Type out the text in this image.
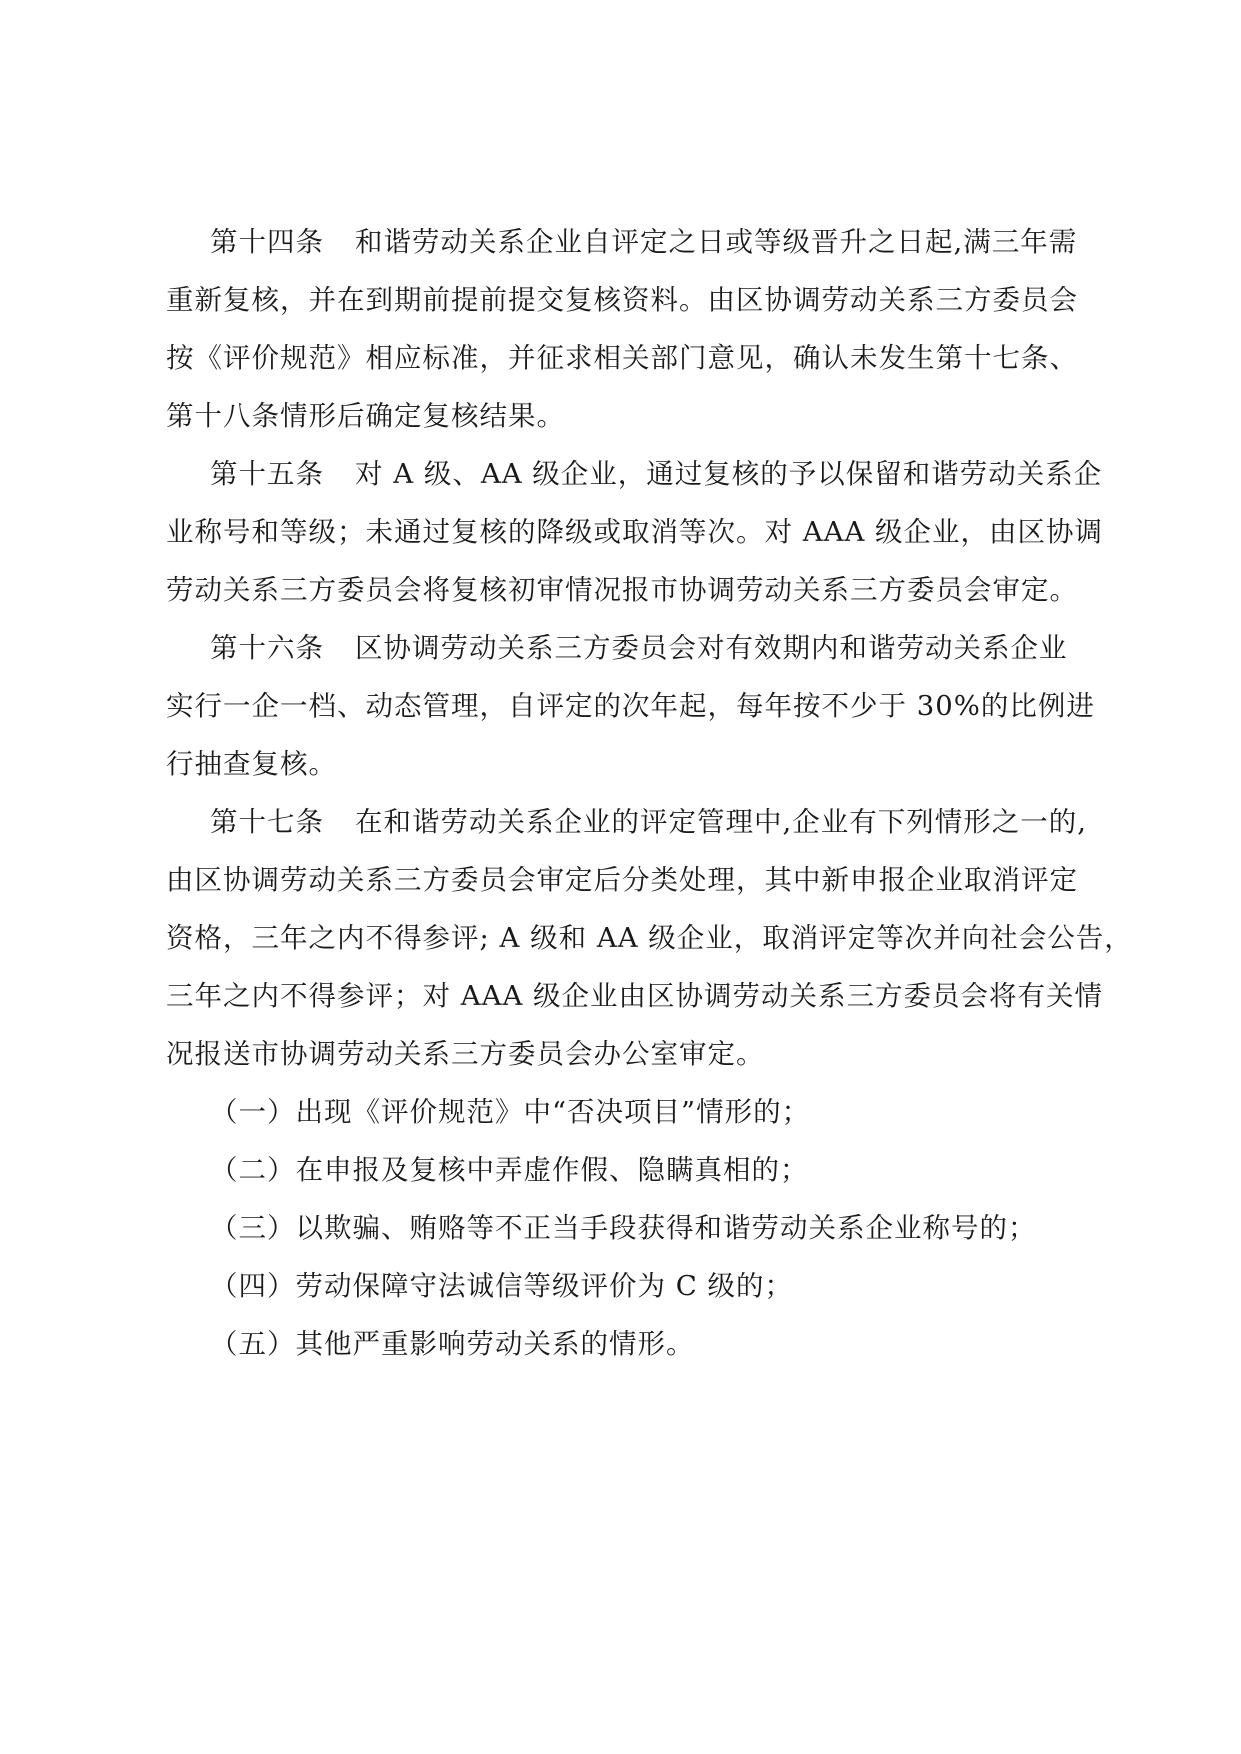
第十四条 和谐劳动关系企业自评定之日或等级晋升之日起,满三年需
重新复核，并在到期前提前提交复核资料。由区协调劳动关系三方委员会
按《评价规范》相应标准，并征求相关部门意见，确认未发生第十七条、
第十八条情形后确定复核结果。
第十五条 对 A 级、AA 级企业，通过复核的予以保留和谐劳动关系企
业称号和等级；未通过复核的降级或取消等次。对 AAA 级企业，由区协调
劳动关系三方委员会将复核初审情况报市协调劳动关系三方委员会审定。
第十六条 区协调劳动关系三方委员会对有效期内和谐劳动关系企业
实行一企一档、动态管理，自评定的次年起，每年按不少于 30%的比例进
行抽查复核。
第十七条 在和谐劳动关系企业的评定管理中,企业有下列情形之一的,
由区协调劳动关系三方委员会审定后分类处理，其中新申报企业取消评定
资格，三年之内不得参评; A 级和 AA 级企业，取消评定等次并向社会公告，
三年之内不得参评；对 AAA 级企业由区协调劳动关系三方委员会将有关情
况报送市协调劳动关系三方委员会办公室审定。
（一）出现《评价规范》中“否决项目”情形的；
（二）在申报及复核中弄虚作假、隐瞒真相的；
（三）以欺骗、贿赂等不正当手段获得和谐劳动关系企业称号的；
（四）劳动保障守法诚信等级评价为 C 级的；
（五）其他严重影响劳动关系的情形。
